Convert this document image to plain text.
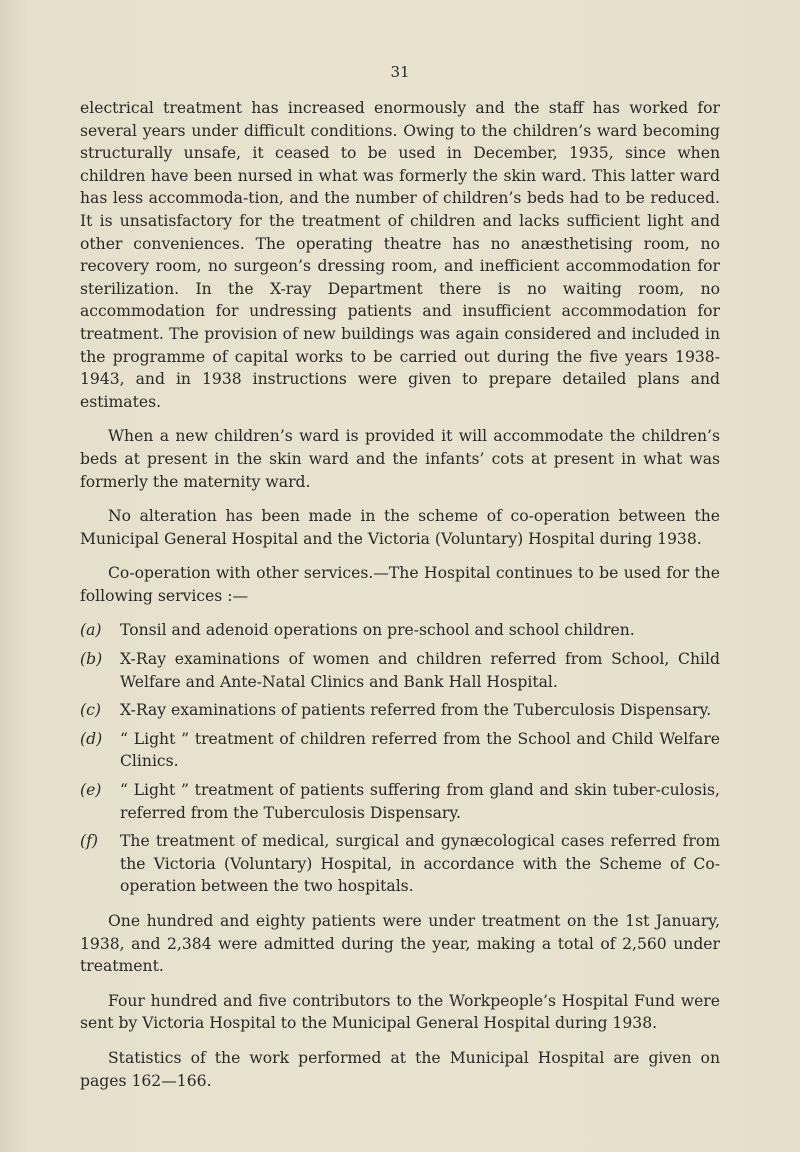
31

electrical treatment has increased enormously and the staff has worked for several years under difficult conditions. Owing to the children’s ward becoming structurally unsafe, it ceased to be used in December, 1935, since when children have been nursed in what was formerly the skin ward. This latter ward has less accommoda-tion, and the number of children’s beds had to be reduced. It is unsatisfactory for the treatment of children and lacks sufficient light and other conveniences. The operating theatre has no anæsthetising room, no recovery room, no surgeon’s dressing room, and inefficient accommodation for sterilization. In the X-ray Department there is no waiting room, no accommodation for undressing patients and insufficient accommodation for treatment. The provision of new buildings was again considered and included in the programme of capital works to be carried out during the five years 1938-1943, and in 1938 instructions were given to prepare detailed plans and estimates.

When a new children’s ward is provided it will accommodate the children’s beds at present in the skin ward and the infants’ cots at present in what was formerly the maternity ward.

No alteration has been made in the scheme of co-operation between the Municipal General Hospital and the Victoria (Voluntary) Hospital during 1938.

Co-operation with other services.—The Hospital continues to be used for the following services :—

(a)	Tonsil and adenoid operations on pre-school and school children.
(b)	X-Ray examinations of women and children referred from School, Child Welfare and Ante-Natal Clinics and Bank Hall Hospital.
(c)	X-Ray examinations of patients referred from the Tuberculosis Dispensary.
(d)	“ Light ” treatment of children referred from the School and Child Welfare Clinics.
(e)	“ Light ” treatment of patients suffering from gland and skin tuber-culosis, referred from the Tuberculosis Dispensary.
(f)	The treatment of medical, surgical and gynæcological cases referred from the Victoria (Voluntary) Hospital, in accordance with the Scheme of Co-operation between the two hospitals.

One hundred and eighty patients were under treatment on the 1st January, 1938, and 2,384 were admitted during the year, making a total of 2,560 under treatment.

Four hundred and five contributors to the Workpeople’s Hospital Fund were sent by Victoria Hospital to the Municipal General Hospital during 1938.

Statistics of the work performed at the Municipal Hospital are given on pages 162—166.
